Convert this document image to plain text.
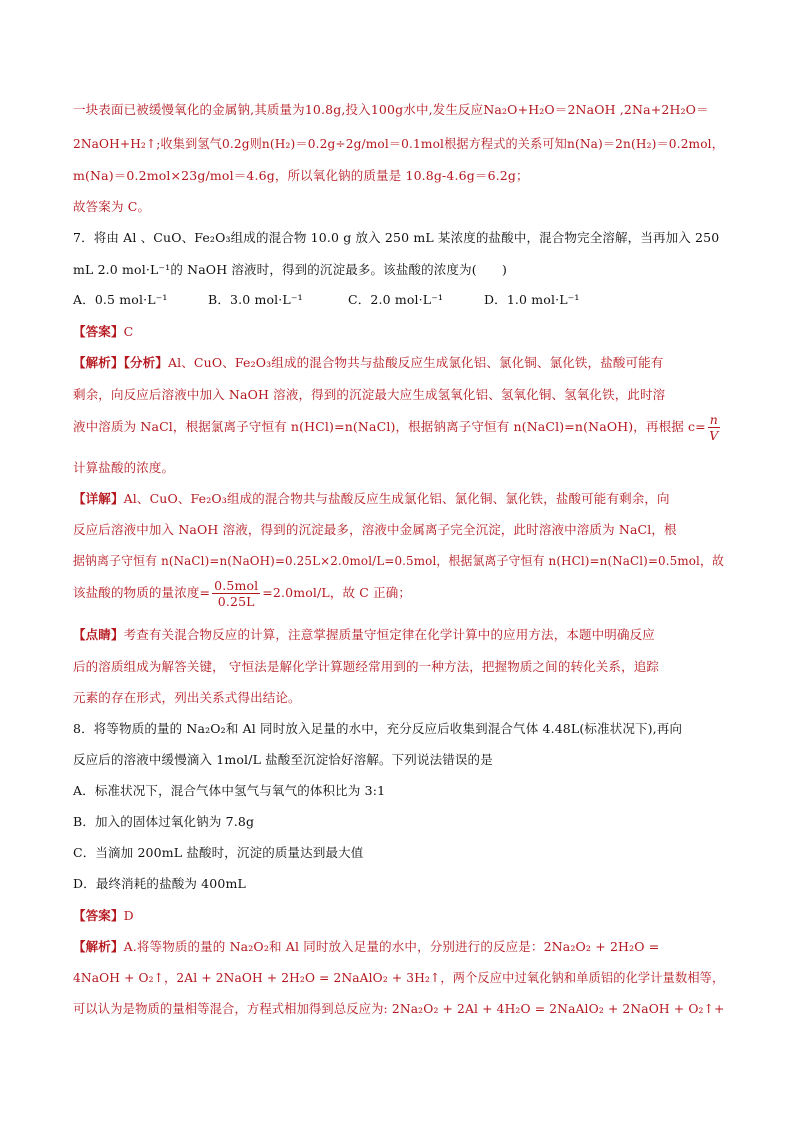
一块表面已被缓慢氧化的金属钠,其质量为10.8g,投入100g水中,发生反应Na₂O+H₂O＝2NaOH ,2Na+2H₂O＝
2NaOH+H₂↑;收集到氢气0.2g则n(H₂)＝0.2g÷2g/mol＝0.1mol根据方程式的关系可知n(Na)＝2n(H₂)＝0.2mol，
m(Na)＝0.2mol×23g/mol＝4.6g，所以氧化钠的质量是 10.8g-4.6g＝6.2g；
故答案为 C。
7．将由 Al 、CuO、Fe₂O₃组成的混合物 10.0 g 放入 250 mL 某浓度的盐酸中，混合物完全溶解，当再加入 250
mL 2.0 mol·L⁻¹的 NaOH 溶液时，得到的沉淀最多。该盐酸的浓度为(　　)
A．0.5 mol·L⁻¹	B．3.0 mol·L⁻¹	C．2.0 mol·L⁻¹	D．1.0 mol·L⁻¹
【答案】C
【解析】【分析】Al、CuO、Fe₂O₃组成的混合物共与盐酸反应生成氯化铝、氯化铜、氯化铁，盐酸可能有
剩余，向反应后溶液中加入 NaOH 溶液，得到的沉淀最大应生成氢氧化铝、氢氧化铜、氢氧化铁，此时溶
液中溶质为 NaCl，根据氯离子守恒有 n(HCl)=n(NaCl)，根据钠离子守恒有 n(NaCl)=n(NaOH)，再根据 $c= \frac{n}{V}$
计算盐酸的浓度。
【详解】Al、CuO、Fe₂O₃组成的混合物共与盐酸反应生成氯化铝、氯化铜、氯化铁，盐酸可能有剩余，向
反应后溶液中加入 NaOH 溶液，得到的沉淀最多，溶液中金属离子完全沉淀，此时溶液中溶质为 NaCl，根
据钠离子守恒有 n(NaCl)=n(NaOH)=0.25L×2.0mol/L=0.5mol，根据氯离子守恒有 n(HCl)=n(NaCl)=0.5mol，故
该盐酸的物质的量浓度= $\frac{\text{0.5mol}}{0.25L} =2.0mol/L$，故 C 正确；
【点睛】考查有关混合物反应的计算，注意掌握质量守恒定律在化学计算中的应用方法，本题中明确反应
后的溶质组成为解答关键， 守恒法是解化学计算题经常用到的一种方法，把握物质之间的转化关系，追踪
元素的存在形式，列出关系式得出结论。
8．将等物质的量的 Na₂O₂和 Al 同时放入足量的水中，充分反应后收集到混合气体 4.48L(标准状况下),再向
反应后的溶液中缓慢滴入 1mol/L 盐酸至沉淀恰好溶解。下列说法错误的是
A．标准状况下，混合气体中氢气与氧气的体积比为 3:1
B．加入的固体过氧化钠为 7.8g
C．当滴加 200mL 盐酸时，沉淀的质量达到最大值
D．最终消耗的盐酸为 400mL
【答案】D
【解析】A.将等物质的量的 Na₂O₂和 Al 同时放入足量的水中，分别进行的反应是：2Na₂O₂ + 2H₂O =
4NaOH + O₂↑，2Al + 2NaOH + 2H₂O = 2NaAlO₂ + 3H₂↑，两个反应中过氧化钠和单质铝的化学计量数相等，
可以认为是物质的量相等混合，方程式相加得到总反应为: 2Na₂O₂ + 2Al + 4H₂O = 2NaAlO₂ + 2NaOH + O₂↑+
